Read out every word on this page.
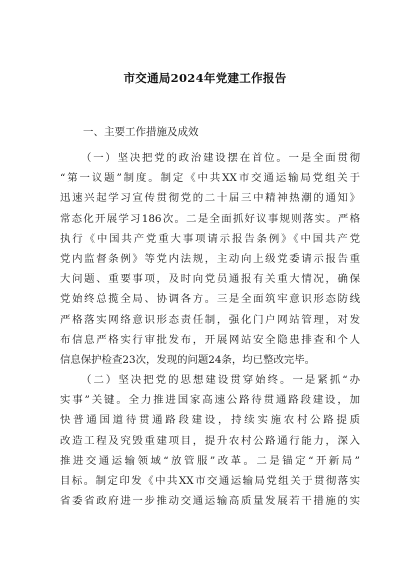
市交通局2024年党建工作报告
一、主要工作措施及成效
（一）坚决把党的政治建设摆在首位。一是全面贯彻
“第一议题”制度。制定《中共XX市交通运输局党组关于
迅速兴起学习宣传贯彻党的二十届三中精神热潮的通知》
常态化开展学习186次。二是全面抓好议事规则落实。严格
执行《中国共产党重大事项请示报告条例》《中国共产党
党内监督条例》等党内法规，主动向上级党委请示报告重
大问题、重要事项，及时向党员通报有关重大情况，确保
党始终总揽全局、协调各方。三是全面筑牢意识形态防线
严格落实网络意识形态责任制，强化门户网站管理，对发
布信息严格实行审批发布，开展网站安全隐患排查和个人
信息保护检查23次，发现的问题24条，均已整改完毕。
（二）坚决把党的思想建设贯穿始终。一是紧抓“办
实事”关键。全力推进国家高速公路待贯通路段建设，加
快普通国道待贯通路段建设，持续实施农村公路提质
改造工程及究毁重建项目，提升农村公路通行能力，深入
推进交通运输领域“放管服”改革。二是锚定“开新局”
目标。制定印发《中共XX市交通运输局党组关于贯彻落实
省委省政府进一步推动交通运输高质量发展若干措施的实
